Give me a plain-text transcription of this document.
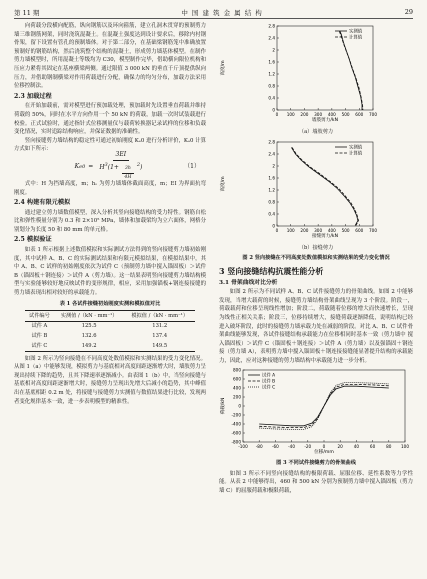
第 11 期	中 国 建 筑 金 属 结 构	29

向荷载分段横向配筋，纵向钢筋以及环向箍筋，建立孔洞木贯穿的预制剪力墙三维钢筋网架，同时浇筑混凝土。在混凝土强度达到设计要求后，移除内衬钢骨架，留下设置有管孔的预制墙体。对于第二部分，在基础梁钢筋笼中准确放置预制好的钢筋结构，然后浇筑整个结构的混凝土，形成剪力墙基体模型。在制作剪力墙模型时，所用混凝土等级均为 C30，模型制作完毕，借助横向限位机构和压应力紧将其固定在基座横梁两侧。通过限值 3 000 kN 的垂直千斤顶提供纵向压力，并借助钢制横梁对作用荷载进行分配，确保力的均匀分布，加载方法采用位移控制法。

2.3 加载过程

在开始加载前，需对模型进行预加载处理，预加载时先设置垂直荷载并维持荷载的 50%，同时在水平方向作用一个 50 kN 的荷载，加载一次时试装载进行校验。正式试验时，通过指针式位移测量仪与载荷转换器记录试样的位移和负载变化情况，实时追踪结构响应，并保证数据的准确性。

竖向接缝剪力墙结构的稳定性可通过初始刚度 Kₑ0 进行分析评价，Kₑ0 计算方式如下所示：

K $e0 = \frac{3EI}{H^3(1+ \frac{3h}{4H} ^2)}$	（1）

式中：H 为挡墙高度，m；hₒ 为剪力墙墙体截面高度，m；EI 为界面抗弯刚度。

2.4 构建有限元模拟

通过建立剪力墙数值模型，深入分析其竖向接缝结构的受力特性。钢筋自松比和弹性模量分别为 0.3 和 2×10⁵ MPa，墙体和加载梁均为立六面体，网格分别划分为长度 50 和 80 mm 的单元格。

2.5 模拟验证

如表 1 所示根据上述数值模拟和实际测试方法得到的竖向接缝剪力墙初始刚度，其中试样 A、B、C 的实际测试结果和有限元模拟结果，在模拟结果中，其中 A、B、C 试样的初始刚度依次为试件 C（预制剪力墙中搅入锚固板）＞试件 B（锚固板＋钢连接）＞试件 A（剪力墙）。这一结果表明竖向接缝剪力墙结构模型与实验能够较好地反映试件的变形规律，相应，采用加强锚板+钢连接接缝的剪力墙表现出相对较好的承载能力。

表 1 各试件接缝初始刚度实测和模拟值对比
试件编号	实测值 /（kN · mm⁻¹）	模拟值 /（kN · mm⁻¹）
试件 A	125.5	131.2
试件 B	132.6	137.4
试件 C	149.2	149.5

如图 2 所示为竖向接缝在不同高度处数值模拟和实测结果的受力变化情况。从图 1（a）中能够发现，模拟剪力与基底相对高度间距逐渐增大时，墙肢剪力呈现出持续下降的趋势，且其下降速率逐渐减小。由表图 1（b）中，当竖向接缝与基底相对高度间距逐渐增大时，接缝剪力呈现出先增大后减小的趋势，其中峰值出在基底相距 0.2 m 处，将接缝与接缝剪力实测值与数值结果进行比较，发现两者变化规律基本一致，进一步表明模型的精准性。

0 100 200 300 400 500 600 700
0
0.4
0.8
1.2
1.6
2
2.4
2.8
墙肢剪力/kN
高度/m
实测值
计算值
（a）墙肢剪力
0 100 200 300 400 500 600 700
0
0.4
0.8
1.2
1.6
2
2.4
2.8
接缝剪力/kN
高度/m
实测值
计算值
（b）接缝剪力
图 2 竖向接缝在不同高度处数值模拟和实测结果的受力变化情况
3 竖向接缝结构抗震性能分析
3.1 骨架曲线对比分析

如图 2 所示为不同试样 A、B、C 试件接缝剪力的骨架曲线。如图 2 中能够发现，当增大载荷的时候，接缝剪力墙结构骨架曲线呈现为 3 个阶段。阶段一，荷载载荷和位移呈现线性增加；阶段二，荷载随着位移的增大而快速增长，呈现为线性正相关关系；阶段三，位移持续增大，接缝荷载逐渐降低，说明结构已经进入破坏阶段，此时的接缝剪力墙承载力处在减弱的阶段。对比 A、B、C 试件骨架曲线能够发现，各试件接缝结构承载能力在位移相同时基本一致（剪力墙中 搅入锚固板）＞试件 C（锚固板＋钢连接）＞试件 A（剪力墙）以及强锚固＋钢连接（剪力墙 A），表明剪力墙中搅入锚固板＋钢连接接缝能显著提升结构的承载能力，因此，应对这种接缝的剪力墙结构中承载能力进一步分析。

-100 -80 -60 -40 -20	0	20	40	60	80 100
-800
-600
-400
-200
0
200
400
600
800
位移/mm
荷载/kN
试件 A
试件 B
试件 C
图 3 不同试件接缝剪力的骨架曲线

如图 3 所示不同竖向接缝结构的极限荷载、屈服位移、延性系数等力学性能。从表 2 中能够得出，460 和 500 kN 分别为预制剪力墙中搅入锚固板（剪力墙 C）的屈服荷载和极限荷载，
